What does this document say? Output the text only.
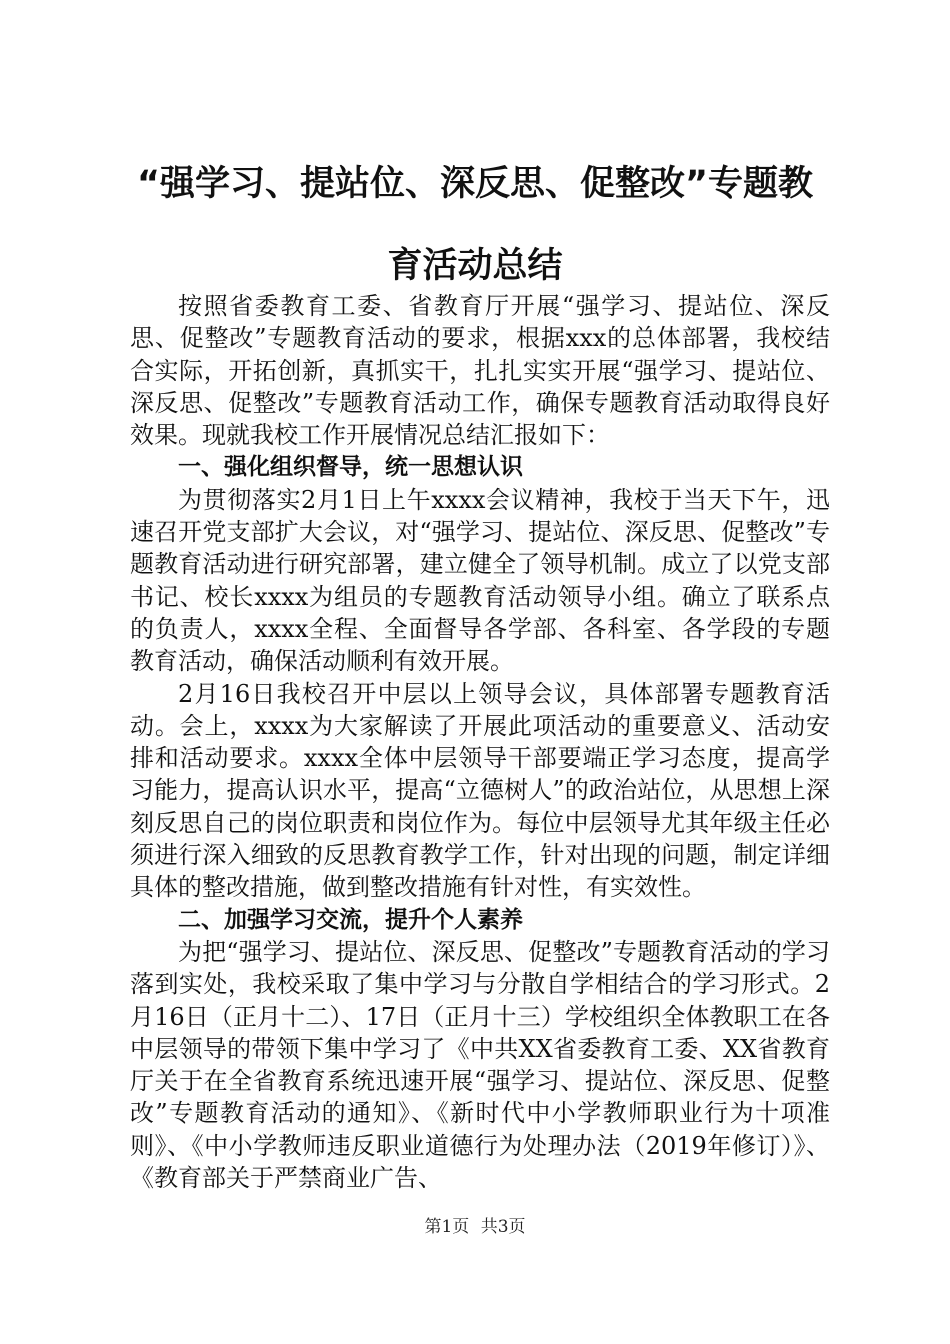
“强学习、提站位、深反思、促整改”专题教
育活动总结

按照省委教育工委、省教育厅开展“强学习、提站位、深反思、促整改”专题教育活动的要求，根据xxx的总体部署，我校结合实际，开拓创新，真抓实干，扎扎实实开展“强学习、提站位、深反思、促整改”专题教育活动工作，确保专题教育活动取得良好效果。现就我校工作开展情况总结汇报如下：

一、强化组织督导，统一思想认识

为贯彻落实2月1日上午xxxx会议精神，我校于当天下午，迅速召开党支部扩大会议，对“强学习、提站位、深反思、促整改”专题教育活动进行研究部署，建立健全了领导机制。成立了以党支部书记、校长xxxx为组员的专题教育活动领导小组。确立了联系点的负责人，xxxx全程、全面督导各学部、各科室、各学段的专题教育活动，确保活动顺利有效开展。

2月16日我校召开中层以上领导会议，具体部署专题教育活动。会上，xxxx为大家解读了开展此项活动的重要意义、活动安排和活动要求。xxxx全体中层领导干部要端正学习态度，提高学习能力，提高认识水平，提高“立德树人”的政治站位，从思想上深刻反思自己的岗位职责和岗位作为。每位中层领导尤其年级主任必须进行深入细致的反思教育教学工作，针对出现的问题，制定详细具体的整改措施，做到整改措施有针对性，有实效性。

二、加强学习交流，提升个人素养

为把“强学习、提站位、深反思、促整改”专题教育活动的学习落到实处，我校采取了集中学习与分散自学相结合的学习形式。2月16日（正月十二）、17日（正月十三）学校组织全体教职工在各中层领导的带领下集中学习了《中共XX省委教育工委、XX省教育厅关于在全省教育系统迅速开展“强学习、提站位、深反思、促整改”专题教育活动的通知》、《新时代中小学教师职业行为十项准则》、《中小学教师违反职业道德行为处理办法（2019年修订）》、《教育部关于严禁商业广告、

第1页 共3页
